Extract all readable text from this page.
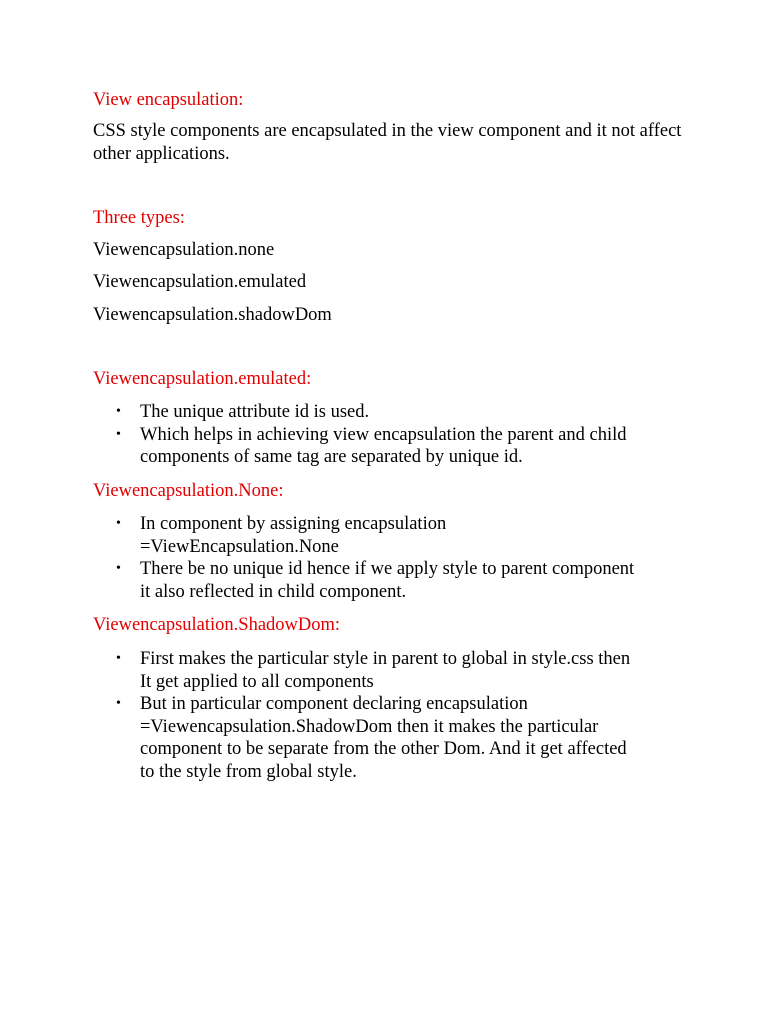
View encapsulation:
CSS style components are encapsulated in the view component and it not affect other applications.
Three types:
Viewencapsulation.none
Viewencapsulation.emulated
Viewencapsulation.shadowDom
Viewencapsulation.emulated:
• The unique attribute id is used.
• Which helps in achieving view encapsulation the parent and child components of same tag are separated by unique id.
Viewencapsulation.None:
• In component by assigning encapsulation =ViewEncapsulation.None
• There be no unique id hence if we apply style to parent component it also reflected in child component.
Viewencapsulation.ShadowDom:
• First makes the particular style in parent to global in style.css then It get applied to all components
• But in particular component declaring encapsulation =Viewencapsulation.ShadowDom then it makes the particular component to be separate from the other Dom. And it get affected to the style from global style.
